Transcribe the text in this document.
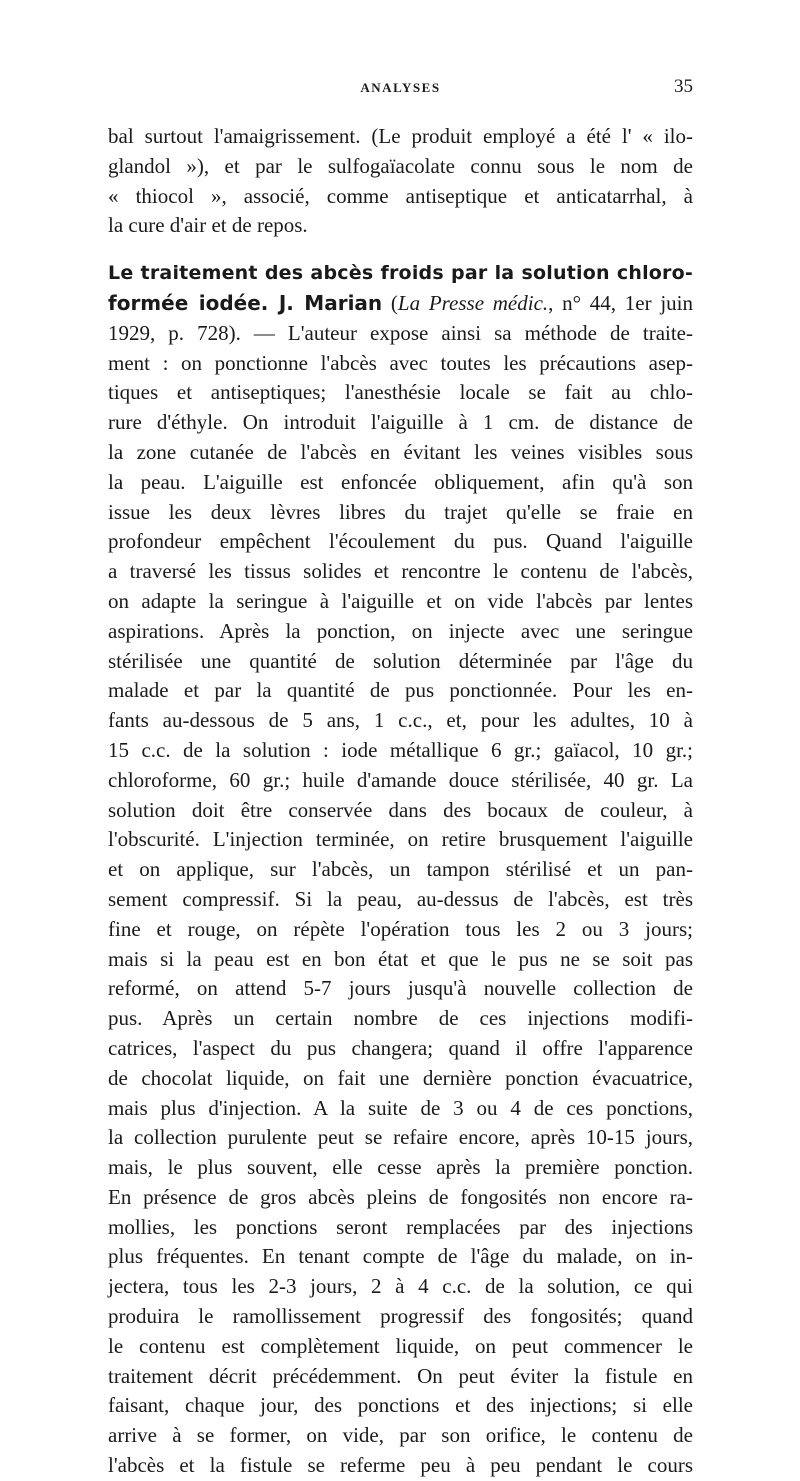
ANALYSES	35
bal surtout l'amaigrissement. (Le produit employé a été l' « ilo-
glandol »), et par le sulfogaïacolate connu sous le nom de
« thiocol », associé, comme antiseptique et anticatarrhal, à
la cure d'air et de repos.
Le traitement des abcès froids par la solution chloro-
formée iodée. J. Marian (La Presse médic., n° 44, 1er juin
1929, p. 728). — L'auteur expose ainsi sa méthode de traite-
ment : on ponctionne l'abcès avec toutes les précautions asep-
tiques et antiseptiques; l'anesthésie locale se fait au chlo-
rure d'éthyle. On introduit l'aiguille à 1 cm. de distance de
la zone cutanée de l'abcès en évitant les veines visibles sous
la peau. L'aiguille est enfoncée obliquement, afin qu'à son
issue les deux lèvres libres du trajet qu'elle se fraie en
profondeur empêchent l'écoulement du pus. Quand l'aiguille
a traversé les tissus solides et rencontre le contenu de l'abcès,
on adapte la seringue à l'aiguille et on vide l'abcès par lentes
aspirations. Après la ponction, on injecte avec une seringue
stérilisée une quantité de solution déterminée par l'âge du
malade et par la quantité de pus ponctionnée. Pour les en-
fants au-dessous de 5 ans, 1 c.c., et, pour les adultes, 10 à
15 c.c. de la solution : iode métallique 6 gr.; gaïacol, 10 gr.;
chloroforme, 60 gr.; huile d'amande douce stérilisée, 40 gr. La
solution doit être conservée dans des bocaux de couleur, à
l'obscurité. L'injection terminée, on retire brusquement l'aiguille
et on applique, sur l'abcès, un tampon stérilisé et un pan-
sement compressif. Si la peau, au-dessus de l'abcès, est très
fine et rouge, on répète l'opération tous les 2 ou 3 jours;
mais si la peau est en bon état et que le pus ne se soit pas
reformé, on attend 5-7 jours jusqu'à nouvelle collection de
pus. Après un certain nombre de ces injections modifi-
catrices, l'aspect du pus changera; quand il offre l'apparence
de chocolat liquide, on fait une dernière ponction évacuatrice,
mais plus d'injection. A la suite de 3 ou 4 de ces ponctions,
la collection purulente peut se refaire encore, après 10-15 jours,
mais, le plus souvent, elle cesse après la première ponction.
En présence de gros abcès pleins de fongosités non encore ra-
mollies, les ponctions seront remplacées par des injections
plus fréquentes. En tenant compte de l'âge du malade, on in-
jectera, tous les 2-3 jours, 2 à 4 c.c. de la solution, ce qui
produira le ramollissement progressif des fongosités; quand
le contenu est complètement liquide, on peut commencer le
traitement décrit précédemment. On peut éviter la fistule en
faisant, chaque jour, des ponctions et des injections; si elle
arrive à se former, on vide, par son orifice, le contenu de
l'abcès et la fistule se referme peu à peu pendant le cours
